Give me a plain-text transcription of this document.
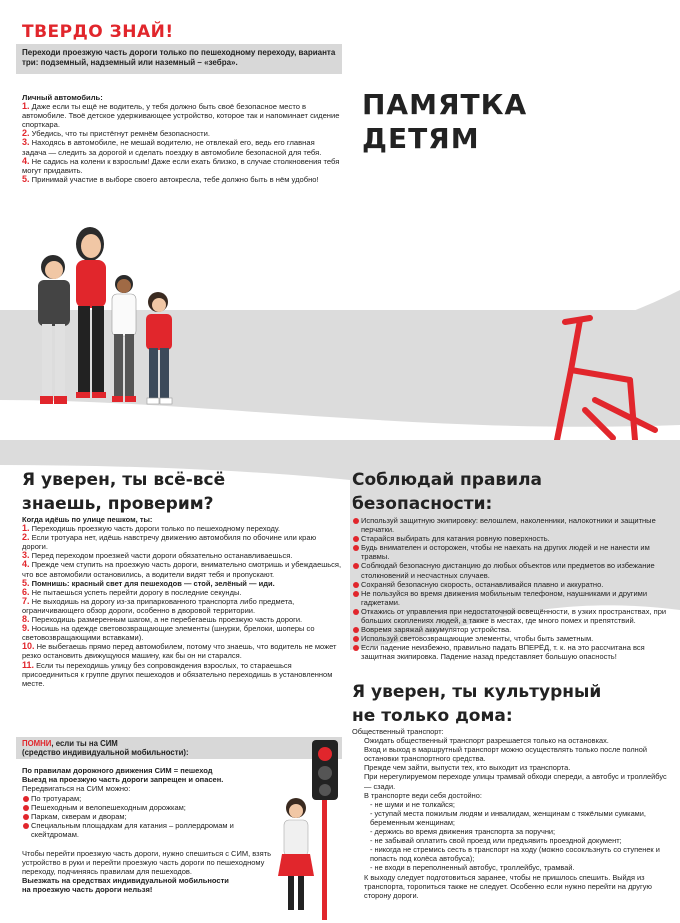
ТВЕРДО ЗНАЙ!
Переходи проезжую часть дороги только по пешеходному переходу, варианта три: подземный, надземный или наземный – «зебра».
Личный автомобиль:
1. Даже если ты ещё не водитель, у тебя должно быть своё безопасное место в автомобиле. Твоё детское удерживающее устройство, которое так и напоминает сидение спорткара.
2. Убедись, что ты пристёгнут ремнём безопасности.
3. Находясь в автомобиле, не мешай водителю, не отвлекай его, ведь его главная задача — следить за дорогой и сделать поездку в автомобиле безопасной для тебя.
4. Не садись на колени к взрослым! Даже если ехать близко, в случае столкновения тебя могут придавить.
5. Принимай участие в выборе своего автокресла, тебе должно быть в нём удобно!
ПАМЯТКА
ДЕТЯМ
Я уверен, ты всё-всё
знаешь, проверим?
Когда идёшь по улице пешком, ты:
1. Переходишь проезжую часть дороги только по пешеходному переходу.
2. Если тротуара нет, идёшь навстречу движению автомобиля по обочине или краю дороги.
3. Перед переходом проезжей части дороги обязательно останавливаешься.
4. Прежде чем ступить на проезжую часть дороги, внимательно смотришь и убеждаешься, что все автомобили остановились, а водители видят тебя и пропускают.
5. Помнишь: красный свет для пешеходов — стой, зелёный — иди.
6. Не пытаешься успеть перейти дорогу в последние секунды.
7. Не выходишь на дорогу из-за припаркованного транспорта либо предмета, ограничивающего обзор дороги, особенно в дворовой территории.
8. Переходишь размеренным шагом, а не перебегаешь проезжую часть дороги.
9. Носишь на одежде световозвращающие элементы (шнурки, брелоки, шоперы со световозвращающими вставками).
10. Не выбегаешь прямо перед автомобилем, потому что знаешь, что водитель не может резко остановить движущуюся машину, как бы он ни старался.
11. Если ты переходишь улицу без сопровождения взрослых, то стараешься присоединиться к группе других пешеходов и обязательно переходишь в установленном месте.
ПОМНИ, если ты на СИМ
(средство индивидуальной мобильности):
По правилам дорожного движения СИМ = пешеход
Выезд на проезжую часть дороги запрещен и опасен.
Передвигаться на СИМ можно:
По тротуарам;
Пешеходным и велопешеходным дорожкам;
Паркам, скверам и дворам;
Специальным площадкам для катания – роллердромам и скейтдромам.
Чтобы перейти проезжую часть дороги, нужно спешиться с СИМ, взять устройство в руки и перейти проезжую часть дороги по пешеходному переходу, подчиняясь правилам для пешеходов.
Выезжать на средствах индивидуальной мобильности
на проезжую часть дороги нельзя!
Соблюдай правила
безопасности:
Используй защитную экипировку: велошлем, наколенники, налокотники и защитные перчатки.
Старайся выбирать для катания ровную поверхность.
Будь внимателен и осторожен, чтобы не наехать на других людей и не нанести им травмы.
Соблюдай безопасную дистанцию до любых объектов или предметов во избежание столкновений и несчастных случаев.
Сохраняй безопасную скорость, останавливайся плавно и аккуратно.
Не пользуйся во время движения мобильным телефоном, наушниками и другими гаджетами.
Откажись от управления при недостаточной освещённости, в узких пространствах, при больших скоплениях людей, а также в местах, где много помех и препятствий.
Вовремя заряжай аккумулятор устройства.
Используй световозвращающие элементы, чтобы быть заметным.
Если падение неизбежно, правильно падать ВПЕРЁД, т. к. на это рассчитана вся защитная экипировка. Падение назад представляет большую опасность!
Я уверен, ты культурный
не только дома:
Общественный транспорт:
Ожидать общественный транспорт разрешается только на остановках.
Вход и выход в маршрутный транспорт можно осуществлять только после полной остановки транспортного средства.
Прежде чем зайти, выпусти тех, кто выходит из транспорта.
При нерегулируемом переходе улицы трамвай обходи спереди, а автобус и троллейбус — сзади.
В транспорте веди себя достойно:
- не шуми и не толкайся;
- уступай места пожилым людям и инвалидам, женщинам с тяжёлыми сумками, беременным женщинам;
- держись во время движения транспорта за поручни;
- не забывай оплатить свой проезд или предъявить проездной документ;
- никогда не стремись сесть в транспорт на ходу (можно сосокльзнуть со ступенек и попасть под колёса автобуса);
- не входи в переполненный автобус, троллейбус, трамвай.
К выходу следует подготовиться заранее, чтобы не пришлось спешить. Выйдя из транспорта, торопиться также не следует. Особенно если нужно перейти на другую сторону дороги.
